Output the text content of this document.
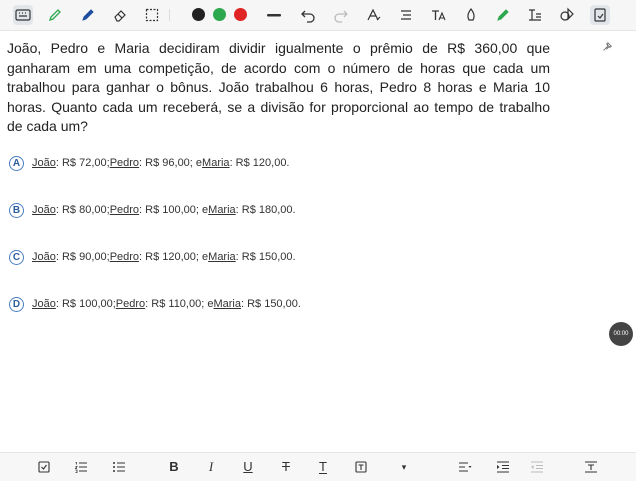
João, Pedro e Maria decidiram dividir igualmente o prêmio de R$ 360,00 que ganharam em uma competição, de acordo com o número de horas que cada um trabalhou para ganhar o bônus. João trabalhou 6 horas, Pedro 8 horas e Maria 10 horas. Quanto cada um receberá, se a divisão for proporcional ao tempo de trabalho de cada um?
A	João : R$ 72,00; Pedro : R$ 96,00; e Maria : R$ 120,00.
B	João : R$ 80,00; Pedro : R$ 100,00; e Maria : R$ 180,00.
C	João : R$ 90,00; Pedro : R$ 120,00; e Maria : R$ 150,00.
D	João : R$ 100,00; Pedro : R$ 110,00; e Maria : R$ 150,00.
00:00
B I U T T	▾
